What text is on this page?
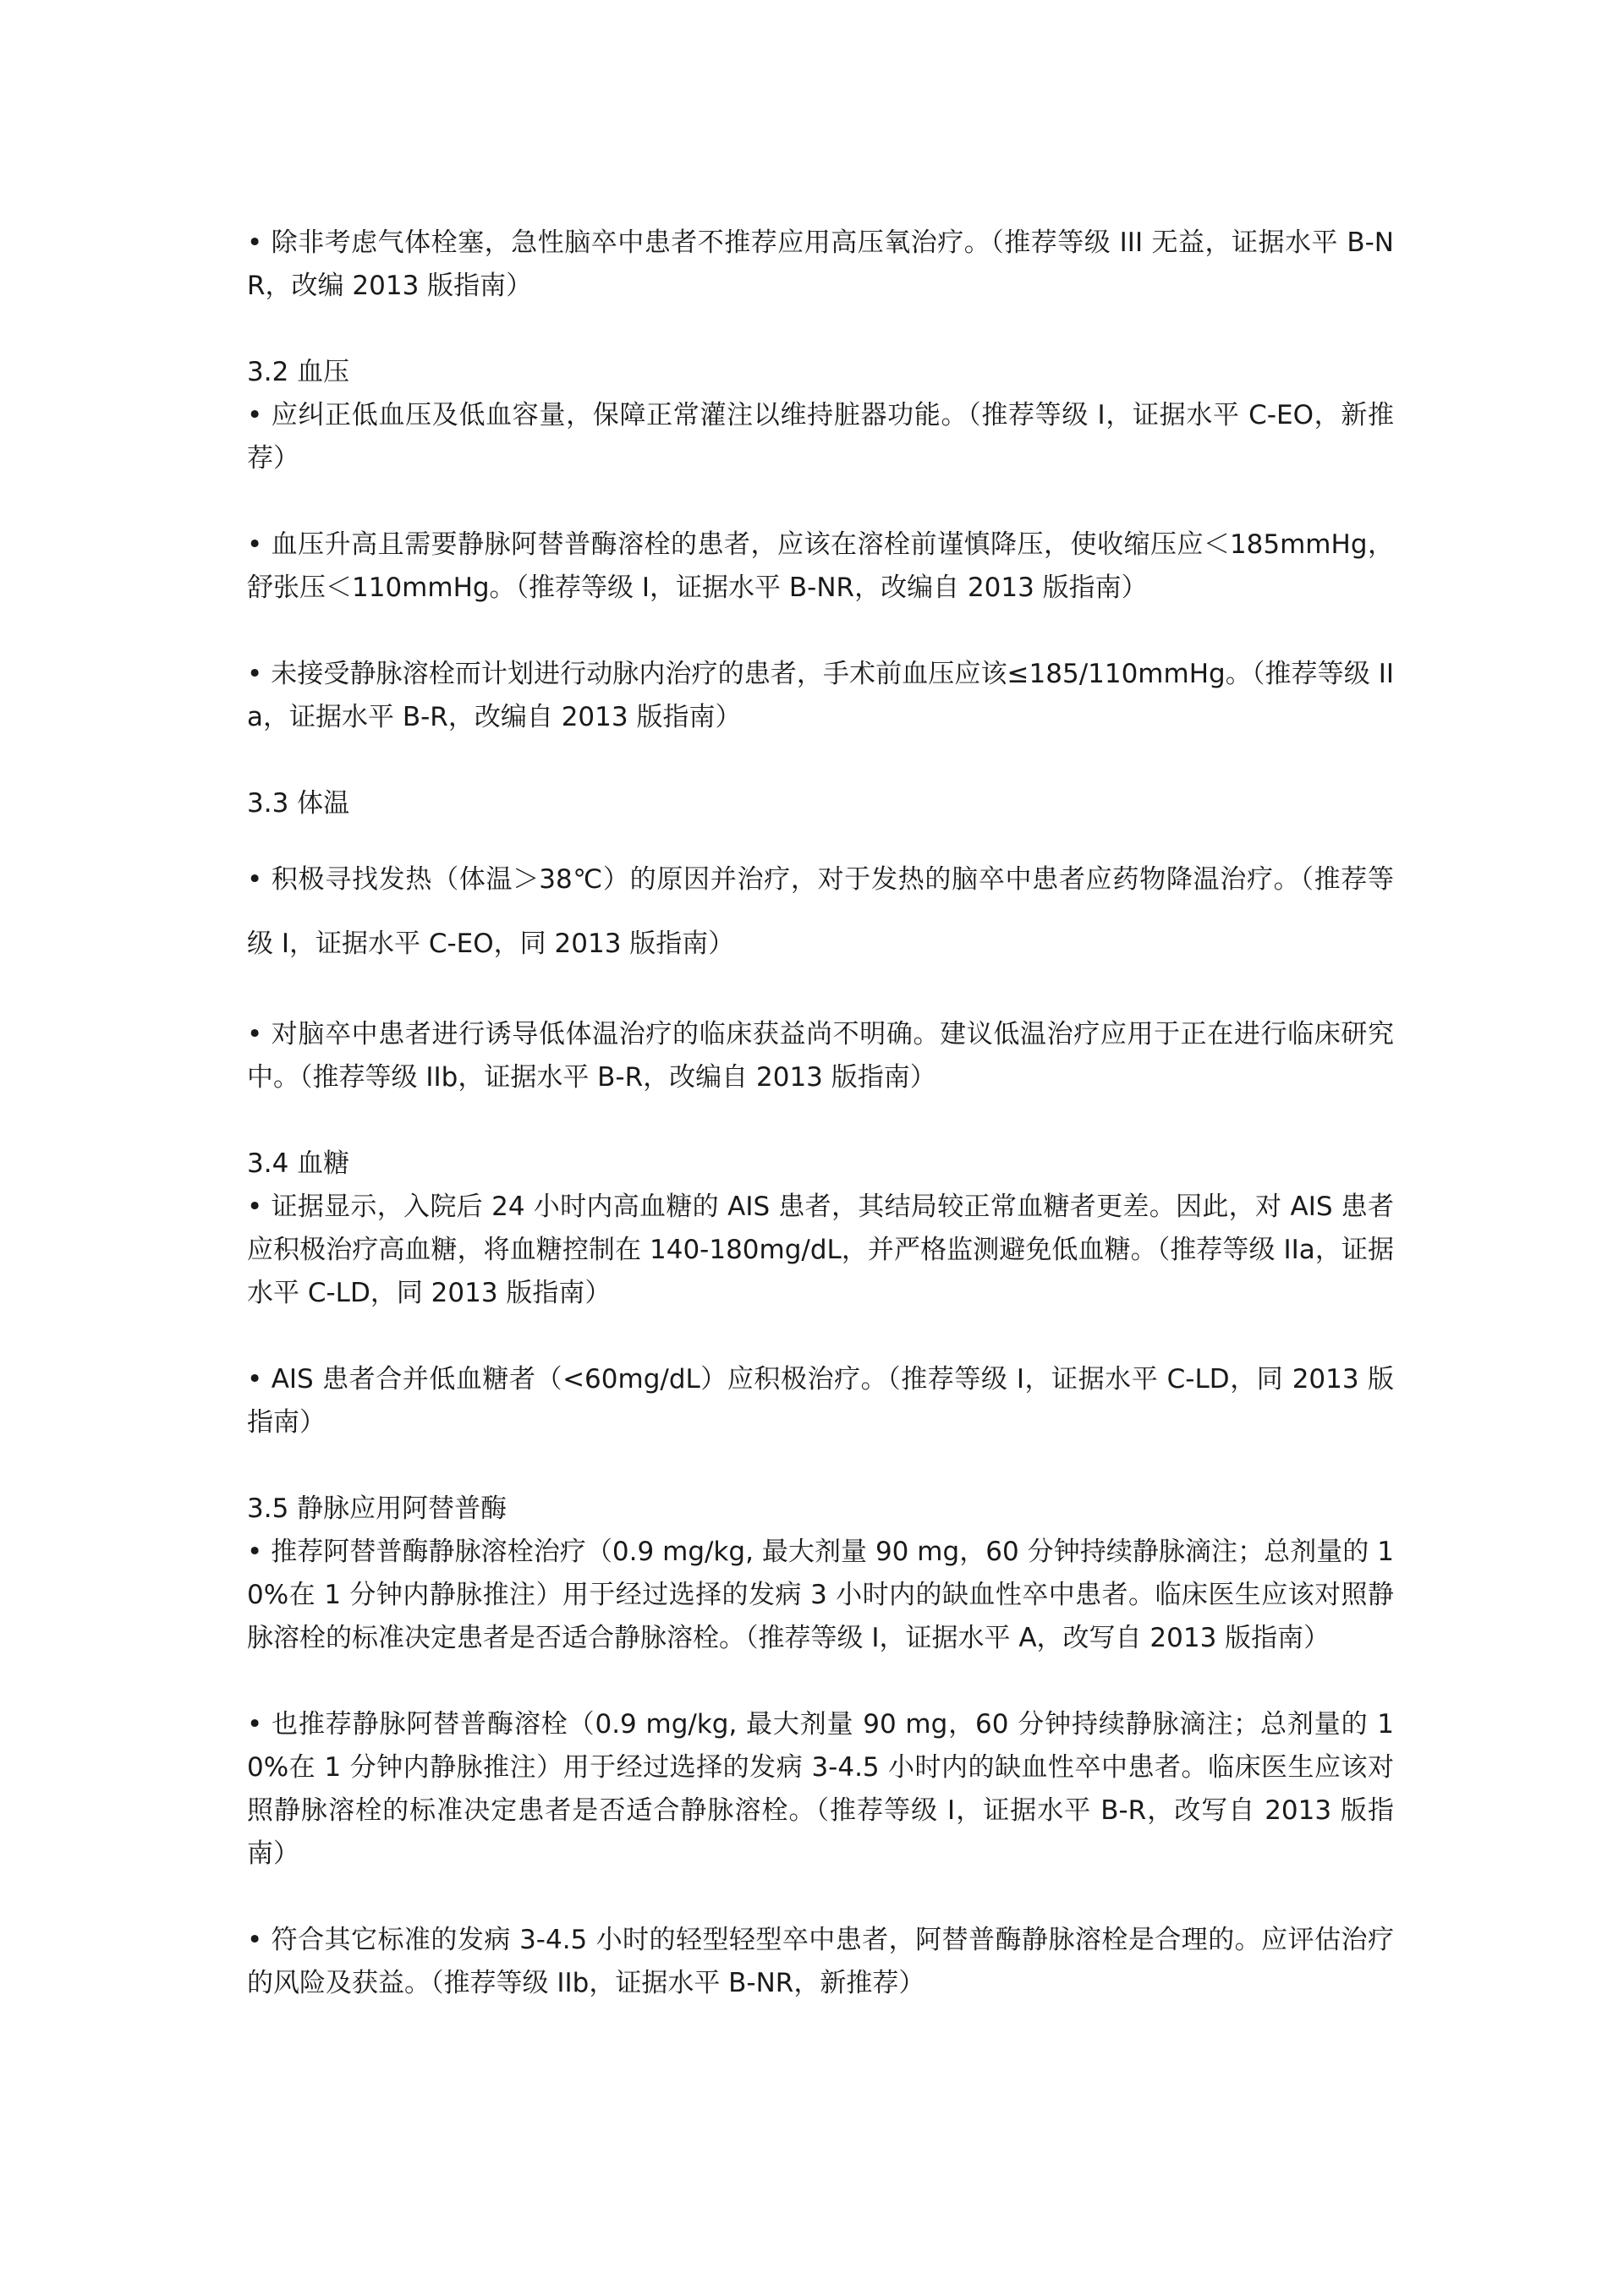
• 除非考虑气体栓塞，急性脑卒中患者不推荐应用高压氧治疗。（推荐等级 III 无益，证据水平 B-NR，改编 2013 版指南）

3.2 血压

• 应纠正低血压及低血容量，保障正常灌注以维持脏器功能。（推荐等级 I，证据水平 C-EO，新推荐）

• 血压升高且需要静脉阿替普酶溶栓的患者，应该在溶栓前谨慎降压，使收缩压应＜185mmHg，舒张压＜110mmHg。（推荐等级 I，证据水平 B-NR，改编自 2013 版指南）

• 未接受静脉溶栓而计划进行动脉内治疗的患者，手术前血压应该≤185/110mmHg。（推荐等级 IIa，证据水平 B-R，改编自 2013 版指南）

3.3 体温

• 积极寻找发热（体温＞38℃）的原因并治疗，对于发热的脑卒中患者应药物降温治疗。（推荐等级 I，证据水平 C-EO，同 2013 版指南）

• 对脑卒中患者进行诱导低体温治疗的临床获益尚不明确。建议低温治疗应用于正在进行临床研究中。（推荐等级 IIb，证据水平 B-R，改编自 2013 版指南）

3.4 血糖

• 证据显示，入院后 24 小时内高血糖的 AIS 患者，其结局较正常血糖者更差。因此，对 AIS 患者应积极治疗高血糖，将血糖控制在 140-180mg/dL，并严格监测避免低血糖。（推荐等级 IIa，证据水平 C-LD，同 2013 版指南）

• AIS 患者合并低血糖者（<60mg/dL）应积极治疗。（推荐等级 I，证据水平 C-LD，同 2013 版指南）

3.5 静脉应用阿替普酶

• 推荐阿替普酶静脉溶栓治疗（0.9 mg/kg, 最大剂量 90 mg，60 分钟持续静脉滴注；总剂量的 10%在 1 分钟内静脉推注）用于经过选择的发病 3 小时内的缺血性卒中患者。临床医生应该对照静脉溶栓的标准决定患者是否适合静脉溶栓。（推荐等级 I，证据水平 A，改写自 2013 版指南）

• 也推荐静脉阿替普酶溶栓（0.9 mg/kg, 最大剂量 90 mg，60 分钟持续静脉滴注；总剂量的 10%在 1 分钟内静脉推注）用于经过选择的发病 3-4.5 小时内的缺血性卒中患者。临床医生应该对照静脉溶栓的标准决定患者是否适合静脉溶栓。（推荐等级 I，证据水平 B-R，改写自 2013 版指南）

• 符合其它标准的发病 3-4.5 小时的轻型轻型卒中患者，阿替普酶静脉溶栓是合理的。应评估治疗的风险及获益。（推荐等级 IIb，证据水平 B-NR，新推荐）
